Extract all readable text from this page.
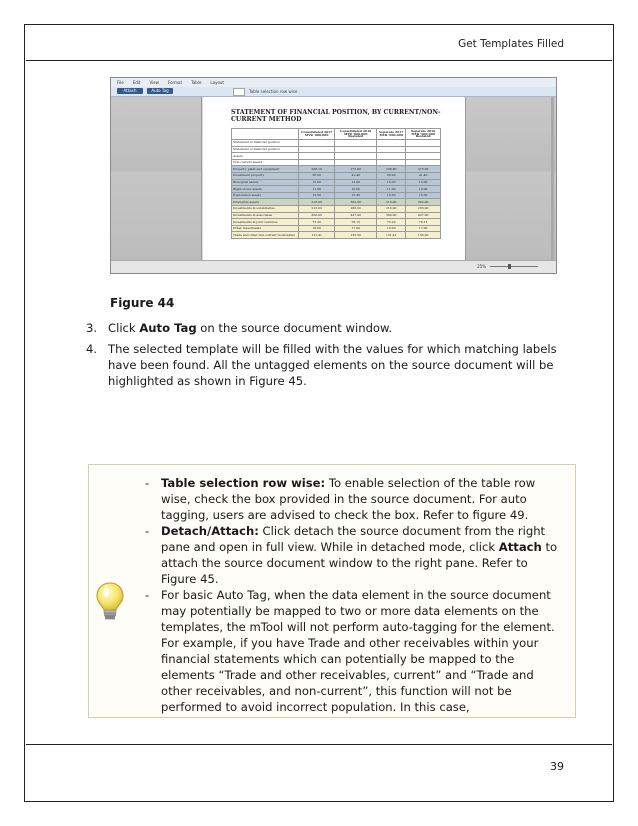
Get Templates Filled
File Edit View Format Table Layout
Attach	Auto Tag	Table selection row wise
STATEMENT OF FINANCIAL POSITION, BY CURRENT/NON-CURRENT METHOD
	Consolidated 2017 MYR '000,000	Consolidated 2016 MYR '000,000 Restated	Separate 2017 MYR '000,000	Separate 2016 MYR '000,000 Restated
Statement of financial position				
Statement of financial position				
Assets				
Non-current assets				
Property, plant and equipment	288.10	273.80	236.80	215.00
Investment property	58.00	41.40	58.00	41.40
Biological assets	15.00	13.00	15.00	13.00
Right-of-use assets	11.00	10.00	11.00	10.00
Exploration assets	13.50	15.30	13.50	15.30
Intangible assets	218.00	302.00	218.00	302.00
Investments in subsidiaries	213.00	283.00	213.00	283.00
Investments in associates	360.00	427.00	360.00	427.00
Investments in joint ventures	73.20	78.15	73.20	78.15
Other investments	18.00	17.00	18.00	17.00
Trade and other non-current receivables	131.41	135.20	131.41	135.20
25%
Figure 44
3. Click Auto Tag on the source document window.
4. The selected template will be filled with the values for which matching labels have been found. All the untagged elements on the source document will be highlighted as shown in Figure 45.
- Table selection row wise: To enable selection of the table row wise, check the box provided in the source document. For auto tagging, users are advised to check the box. Refer to figure 49.
- Detach/Attach: Click detach the source document from the right pane and open in full view. While in detached mode, click Attach to attach the source document window to the right pane. Refer to Figure 45.
- For basic Auto Tag, when the data element in the source document may potentially be mapped to two or more data elements on the templates, the mTool will not perform auto-tagging for the element. For example, if you have Trade and other receivables within your financial statements which can potentially be mapped to the elements “Trade and other receivables, current” and “Trade and other receivables, and non-current”, this function will not be performed to avoid incorrect population. In this case,
39
